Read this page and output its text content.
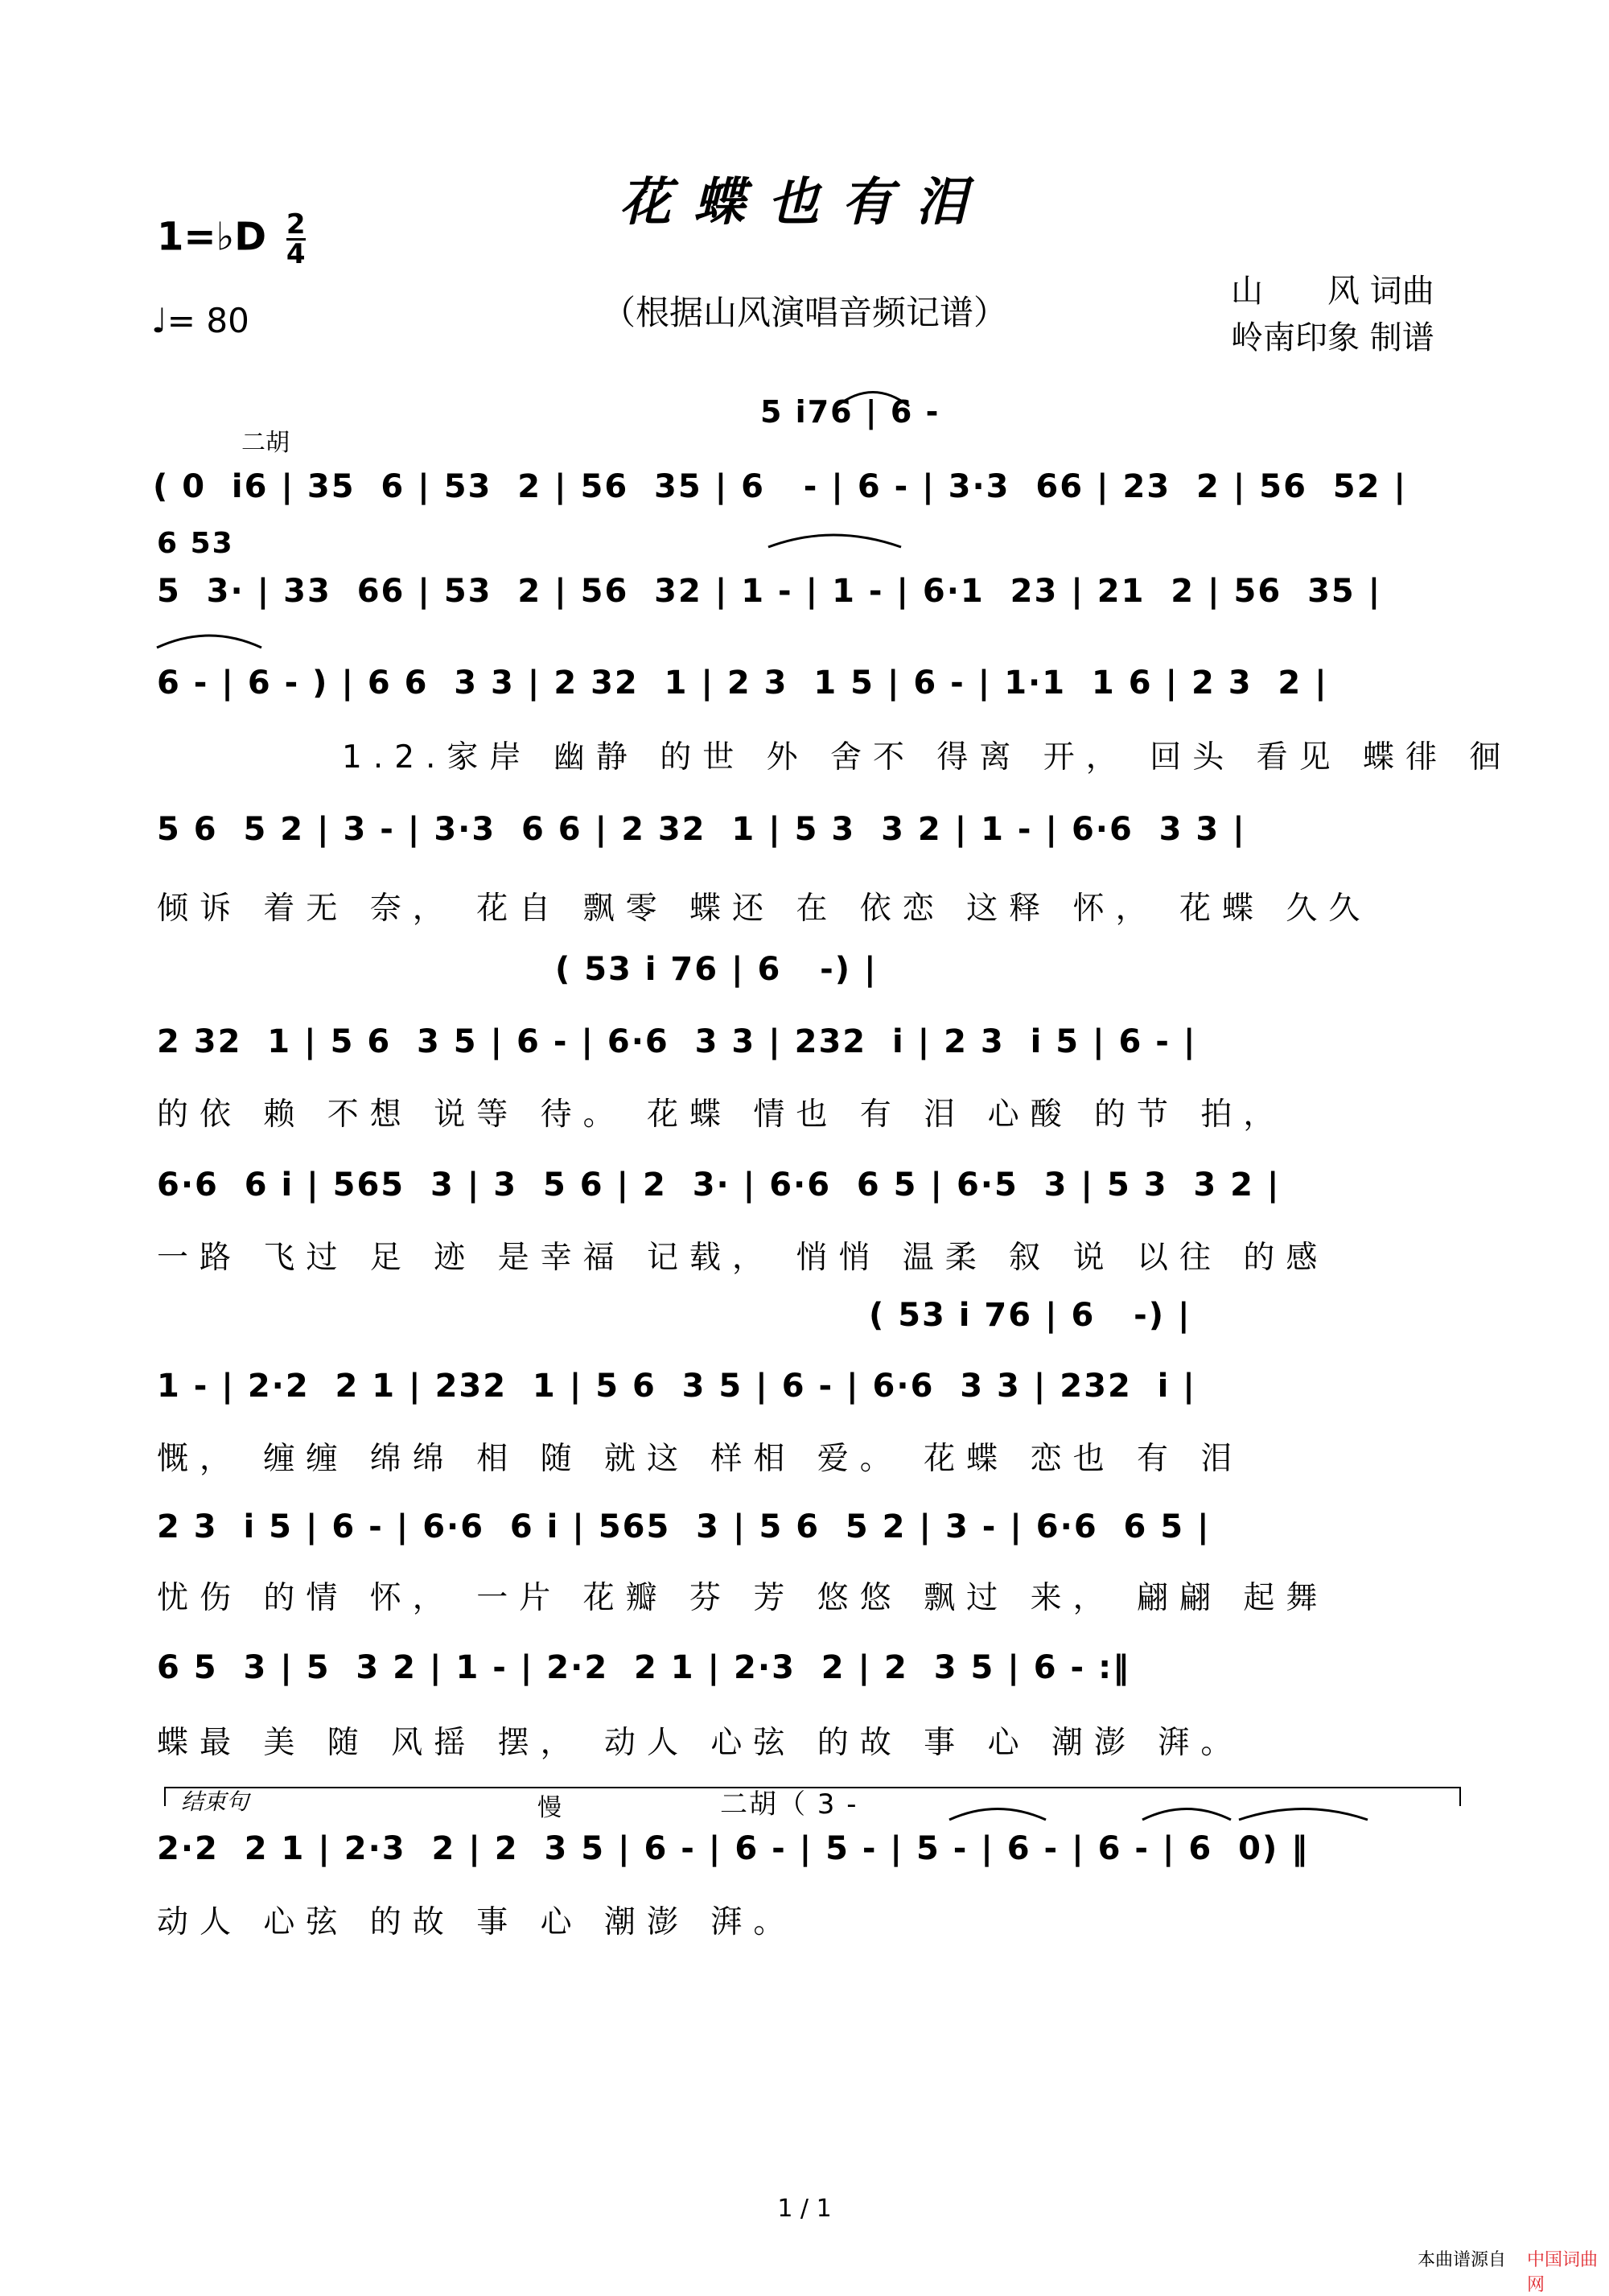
花蝶也有泪
（根据山风演唱音频记谱）
1=♭D $\frac{2}{4}$
♩= 80
山　　风 词曲
岭南印象 制谱
5 i76 | 6 -
二胡
( 0  i6 | 35  6 | 53  2 | 56  35 | 6   - | 6 - | 3·3  66 | 23  2 | 56  52 |
6 53
5  3· | 33  66 | 53  2 | 56  32 | 1 - | 1 - | 6·1  23 | 21  2 | 56  35 |
6 - | 6 - ) | 6 6  3 3 | 2 32  1 | 2 3  1 5 | 6 - | 1·1  1 6 | 2 3  2 |
1.2.家岸 幽静 的世 外 舍不 得离 开， 回头 看见 蝶徘 徊
5 6  5 2 | 3 - | 3·3  6 6 | 2 32  1 | 5 3  3 2 | 1 - | 6·6  3 3 |
倾诉 着无 奈， 花自 飘零 蝶还 在 依恋 这释 怀， 花蝶 久久
( 53 i 76 | 6   -) |
2 32  1 | 5 6  3 5 | 6 - | 6·6  3 3 | 232  i | 2 3  i 5 | 6 - |
的依 赖 不想 说等 待。 花蝶 情也 有 泪 心酸 的节 拍，
6·6  6 i | 565  3 | 3  5 6 | 2  3· | 6·6  6 5 | 6·5  3 | 5 3  3 2 |
一路 飞过 足 迹 是幸福 记载， 悄悄 温柔 叙 说 以往 的感
( 53 i 76 | 6   -) |
1 - | 2·2  2 1 | 232  1 | 5 6  3 5 | 6 - | 6·6  3 3 | 232  i |
慨， 缠缠 绵绵 相 随 就这 样相 爱。 花蝶 恋也 有 泪
2 3  i 5 | 6 - | 6·6  6 i | 565  3 | 5 6  5 2 | 3 - | 6·6  6 5 |
忧伤 的情 怀， 一片 花瓣 芬 芳 悠悠 飘过 来， 翩翩 起舞
6 5  3 | 5  3 2 | 1 - | 2·2  2 1 | 2·3  2 | 2  3 5 | 6 - :‖
蝶最 美 随 风摇 摆， 动人 心弦 的故 事 心 潮澎 湃。
结束句	慢	二胡（ 3 -
2·2  2 1 | 2·3  2 | 2  3 5 | 6 - | 6 - | 5 - | 5 - | 6 - | 6 - | 6  0) ‖
动人 心弦 的故 事 心 潮澎 湃。
1 / 1
本曲谱源自 中国词曲网
